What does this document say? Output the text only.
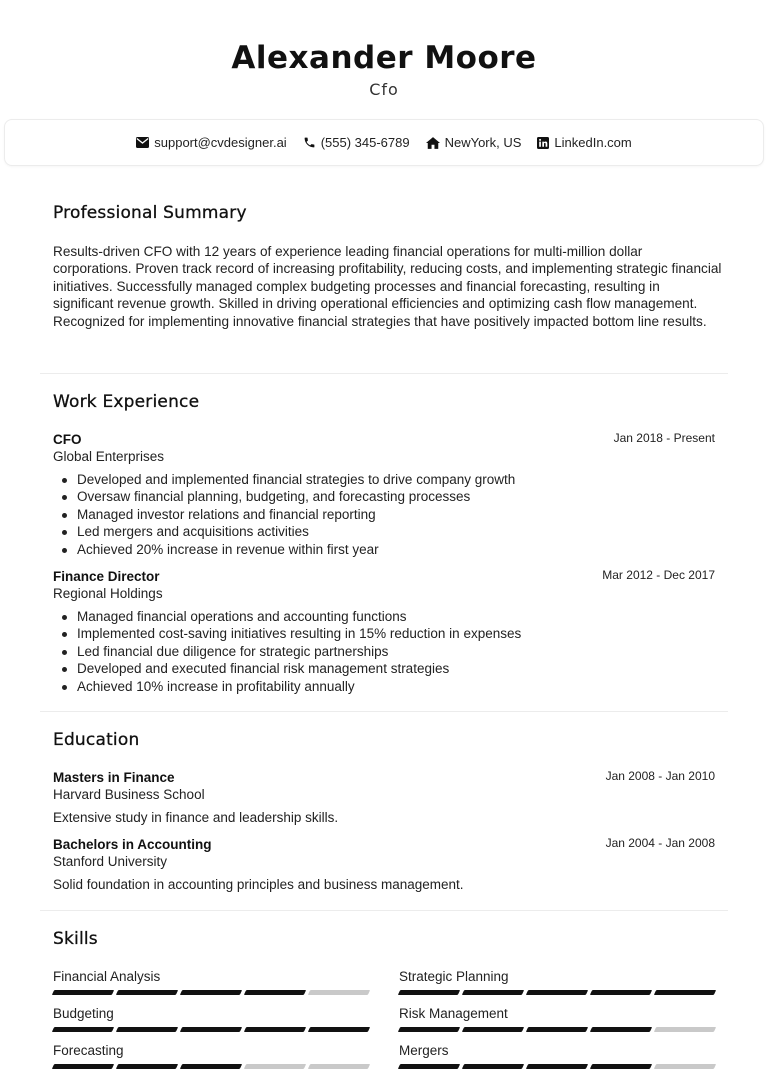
Alexander Moore
Cfo
support@cvdesigner.ai	(555) 345-6789	NewYork, US	LinkedIn.com
Professional Summary
Results-driven CFO with 12 years of experience leading financial operations for multi-million dollar corporations. Proven track record of increasing profitability, reducing costs, and implementing strategic financial initiatives. Successfully managed complex budgeting processes and financial forecasting, resulting in significant revenue growth. Skilled in driving operational efficiencies and optimizing cash flow management. Recognized for implementing innovative financial strategies that have positively impacted bottom line results.
Work Experience
CFO
Global Enterprises
Jan 2018 - Present
Developed and implemented financial strategies to drive company growth
Oversaw financial planning, budgeting, and forecasting processes
Managed investor relations and financial reporting
Led mergers and acquisitions activities
Achieved 20% increase in revenue within first year
Finance Director
Regional Holdings
Mar 2012 - Dec 2017
Managed financial operations and accounting functions
Implemented cost-saving initiatives resulting in 15% reduction in expenses
Led financial due diligence for strategic partnerships
Developed and executed financial risk management strategies
Achieved 10% increase in profitability annually
Education
Masters in Finance
Harvard Business School
Jan 2008 - Jan 2010
Extensive study in finance and leadership skills.
Bachelors in Accounting
Stanford University
Jan 2004 - Jan 2008
Solid foundation in accounting principles and business management.
Skills
Financial Analysis	Strategic Planning
Budgeting	Risk Management
Forecasting	Mergers
